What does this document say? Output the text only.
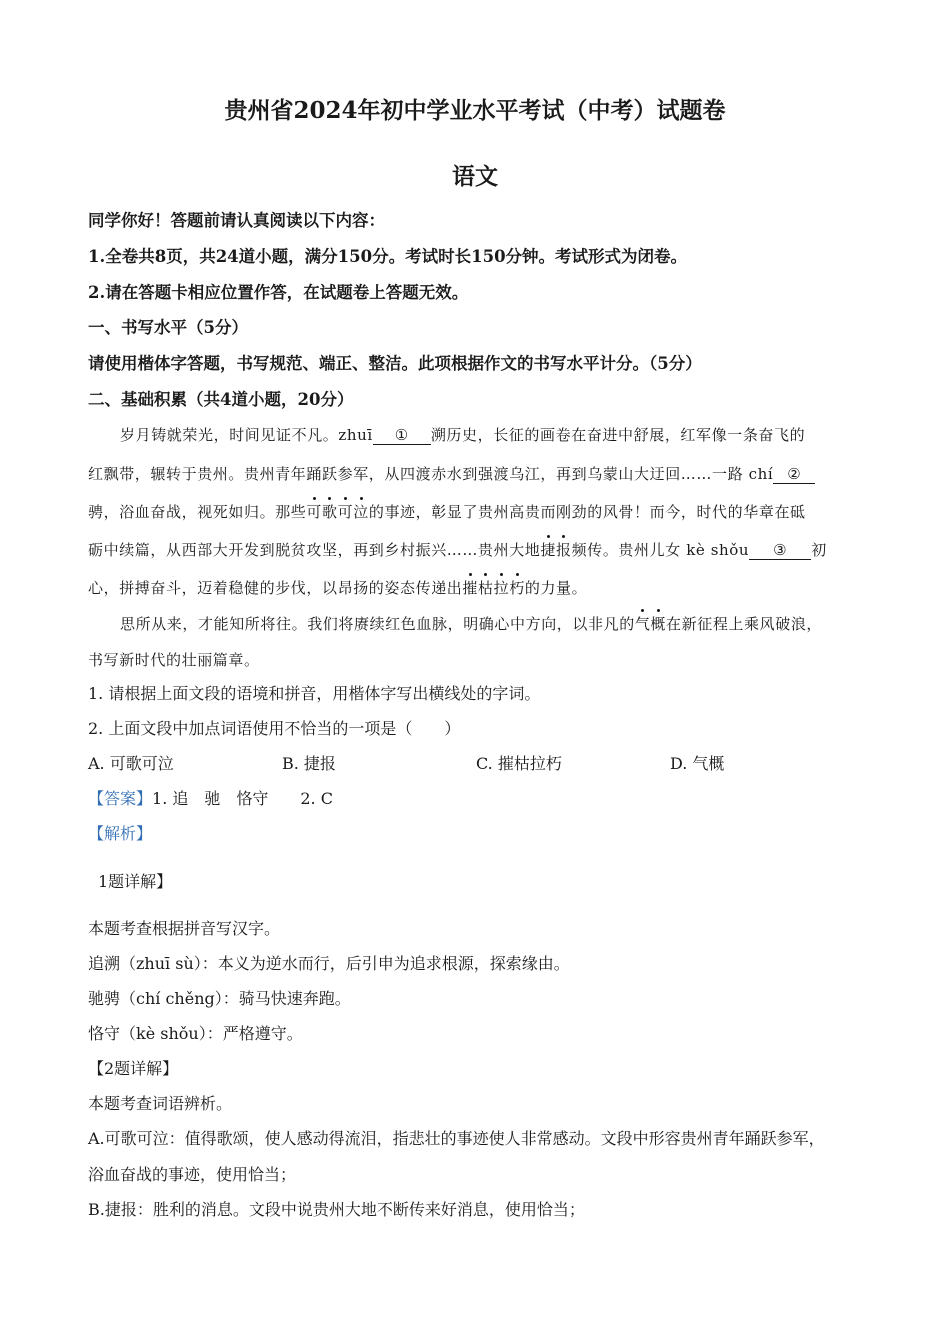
贵州省2024年初中学业水平考试（中考）试题卷
语文
同学你好！答题前请认真阅读以下内容：
1.全卷共8页，共24道小题，满分150分。考试时长150分钟。考试形式为闭卷。
2.请在答题卡相应位置作答，在试题卷上答题无效。
一、书写水平（5分）
请使用楷体字答题，书写规范、端正、整洁。此项根据作文的书写水平计分。（5分）
二、基础积累（共4道小题，20分）
岁月铸就荣光，时间见证不凡。zhuī ① 溯历史，长征的画卷在奋进中舒展，红军像一条奋飞的
红飘带，辗转于贵州。贵州青年踊跃参军，从四渡赤水到强渡乌江，再到乌蒙山大迂回……一路 chí ②
骋，浴血奋战，视死如归。那些可歌可泣的事迹，彰显了贵州高贵而刚劲的风骨！而今，时代的华章在砥
砺中续篇，从西部大开发到脱贫攻坚，再到乡村振兴……贵州大地捷报频传。贵州儿女 kè shǒu ③ 初
心，拼搏奋斗，迈着稳健的步伐，以昂扬的姿态传递出摧枯拉朽的力量。
思所从来，才能知所将往。我们将赓续红色血脉，明确心中方向，以非凡的气概在新征程上乘风破浪，
书写新时代的壮丽篇章。
1. 请根据上面文段的语境和拼音，用楷体字写出横线处的字词。
2. 上面文段中加点词语使用不恰当的一项是（　　）
A. 可歌可泣	B. 捷报	C. 摧枯拉朽	D. 气概
【答案】1. 追　驰　恪守　　2. C
【解析】
1题详解】
本题考查根据拼音写汉字。
追溯（zhuī sù）：本义为逆水而行，后引申为追求根源，探索缘由。
驰骋（chí chěng）：骑马快速奔跑。
恪守（kè shǒu）：严格遵守。
【2题详解】
本题考查词语辨析。
A.可歌可泣：值得歌颂，使人感动得流泪，指悲壮的事迹使人非常感动。文段中形容贵州青年踊跃参军，
浴血奋战的事迹，使用恰当；
B.捷报：胜利的消息。文段中说贵州大地不断传来好消息，使用恰当；
